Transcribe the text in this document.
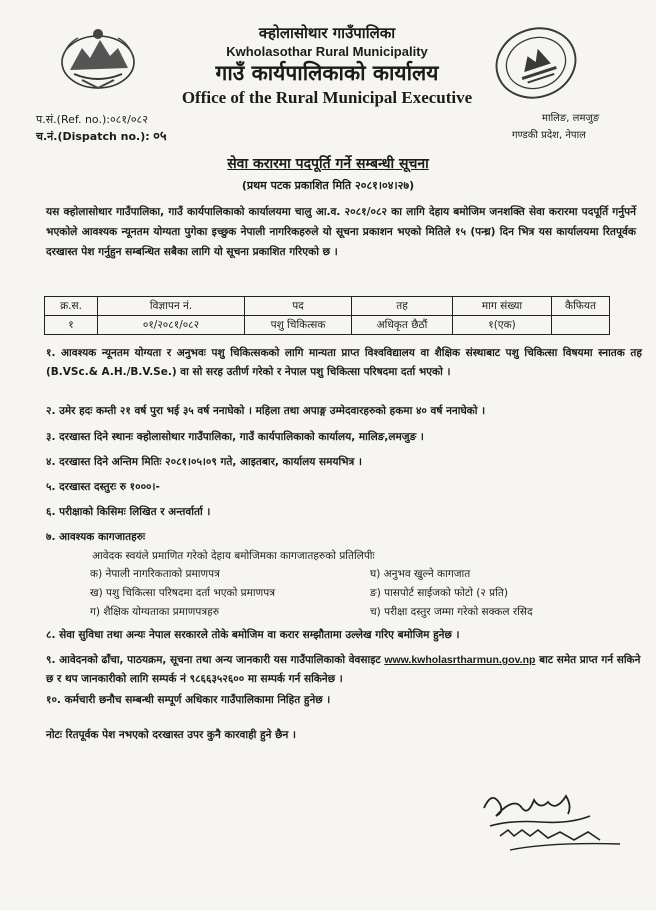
क्होलासोथार गाउँपालिका
Kwholasothar Rural Municipality
गाउँ कार्यपालिकाको कार्यालय
Office of the Rural Municipal Executive
प.सं.(Ref. no.):०८१/०८२
च.नं.(Dispatch no.): ०५
मालिङ, लमजुङ
गण्डकी प्रदेश, नेपाल
सेवा करारमा पदपूर्ति गर्ने सम्बन्धी सूचना
(प्रथम पटक प्रकाशित मिति २०८१।०४।२७)
यस क्होलासोथार गाउँपालिका, गाउँ कार्यपालिकाको कार्यालयमा चालु आ.व. २०८१/०८२ का लागि देहाय बमोजिम जनशक्ति सेवा करारमा पदपूर्ति गर्नुपर्ने भएकोले आवश्यक न्यूनतम योग्यता पुगेका इच्छुक नेपाली नागरिकहरुले यो सूचना प्रकाशन भएको मितिले १५ (पन्ध्र) दिन भित्र यस कार्यालयमा रितपूर्वक दरखास्त पेश गर्नुहुन सम्बन्धित सबैका लागि यो सूचना प्रकाशित गरिएको छ ।
क्र.स.	विज्ञापन नं.	पद	तह	माग संख्या	कैफियत
१	०१/२०८१/०८२	पशु चिकित्सक	अधिकृत छैठौं	१(एक)	
१. आवश्यक न्यूनतम योग्यता र अनुभवः पशु चिकित्सकको लागि मान्यता प्राप्त विश्वविद्यालय वा शैक्षिक संस्थाबाट पशु चिकित्सा विषयमा स्नातक तह (B.VSc.& A.H./B.V.Se.) वा सो सरह उतीर्ण गरेको र नेपाल पशु चिकित्सा परिषदमा दर्ता भएको ।
२. उमेर हदः कम्ती २१ वर्ष पुरा भई ३५ वर्ष ननाघेको । महिला तथा अपाङ्ग उम्मेदवारहरुको हकमा ४० वर्ष ननाघेको ।
३. दरखास्त दिने स्थानः क्होलासोथार गाउँपालिका, गाउँ कार्यपालिकाको कार्यालय, मालिङ,लमजुङ ।
४. दरखास्त दिने अन्तिम मितिः २०८१।०५।०९ गते, आइतबार, कार्यालय समयभित्र ।
५. दरखास्त दस्तुरः रु १०००।-
६. परीक्षाको किसिमः लिखित र अन्तर्वार्ता ।
७. आवश्यक कागजातहरुः
आवेदक स्वयंले प्रमाणित गरेको देहाय बमोजिमका कागजातहरुको प्रतिलिपीः
क) नेपाली नागरिकताको प्रमाणपत्र
ख) पशु चिकित्सा परिषदमा दर्ता भएको प्रमाणपत्र
ग) शैक्षिक योग्यताका प्रमाणपत्रहरु
घ) अनुभव खुल्ने कागजात
ङ) पासपोर्ट साईजको फोटो (२ प्रति)
च) परीक्षा दस्तुर जम्मा गरेको सक्कल रसिद
८. सेवा सुविधा तथा अन्यः नेपाल सरकारले तोके बमोजिम वा करार सम्झौतामा उल्लेख गरिए बमोजिम हुनेछ ।
९. आवेदनको ढाँचा, पाठयक्रम, सूचना तथा अन्य जानकारी यस गाउँपालिकाको वेवसाइट www.kwholasrtharmun.gov.np बाट समेत प्राप्त गर्न सकिने छ र थप जानकारीको लागि सम्पर्क नं ९८६६३५२६०० मा सम्पर्क गर्न सकिनेछ ।
१०. कर्मचारी छनौच सम्बन्धी सम्पूर्ण अधिकार गाउँपालिकामा निहित हुनेछ ।
नोटः रितपूर्वक पेश नभएको दरखास्त उपर कुनै कारवाही हुने छैन ।
